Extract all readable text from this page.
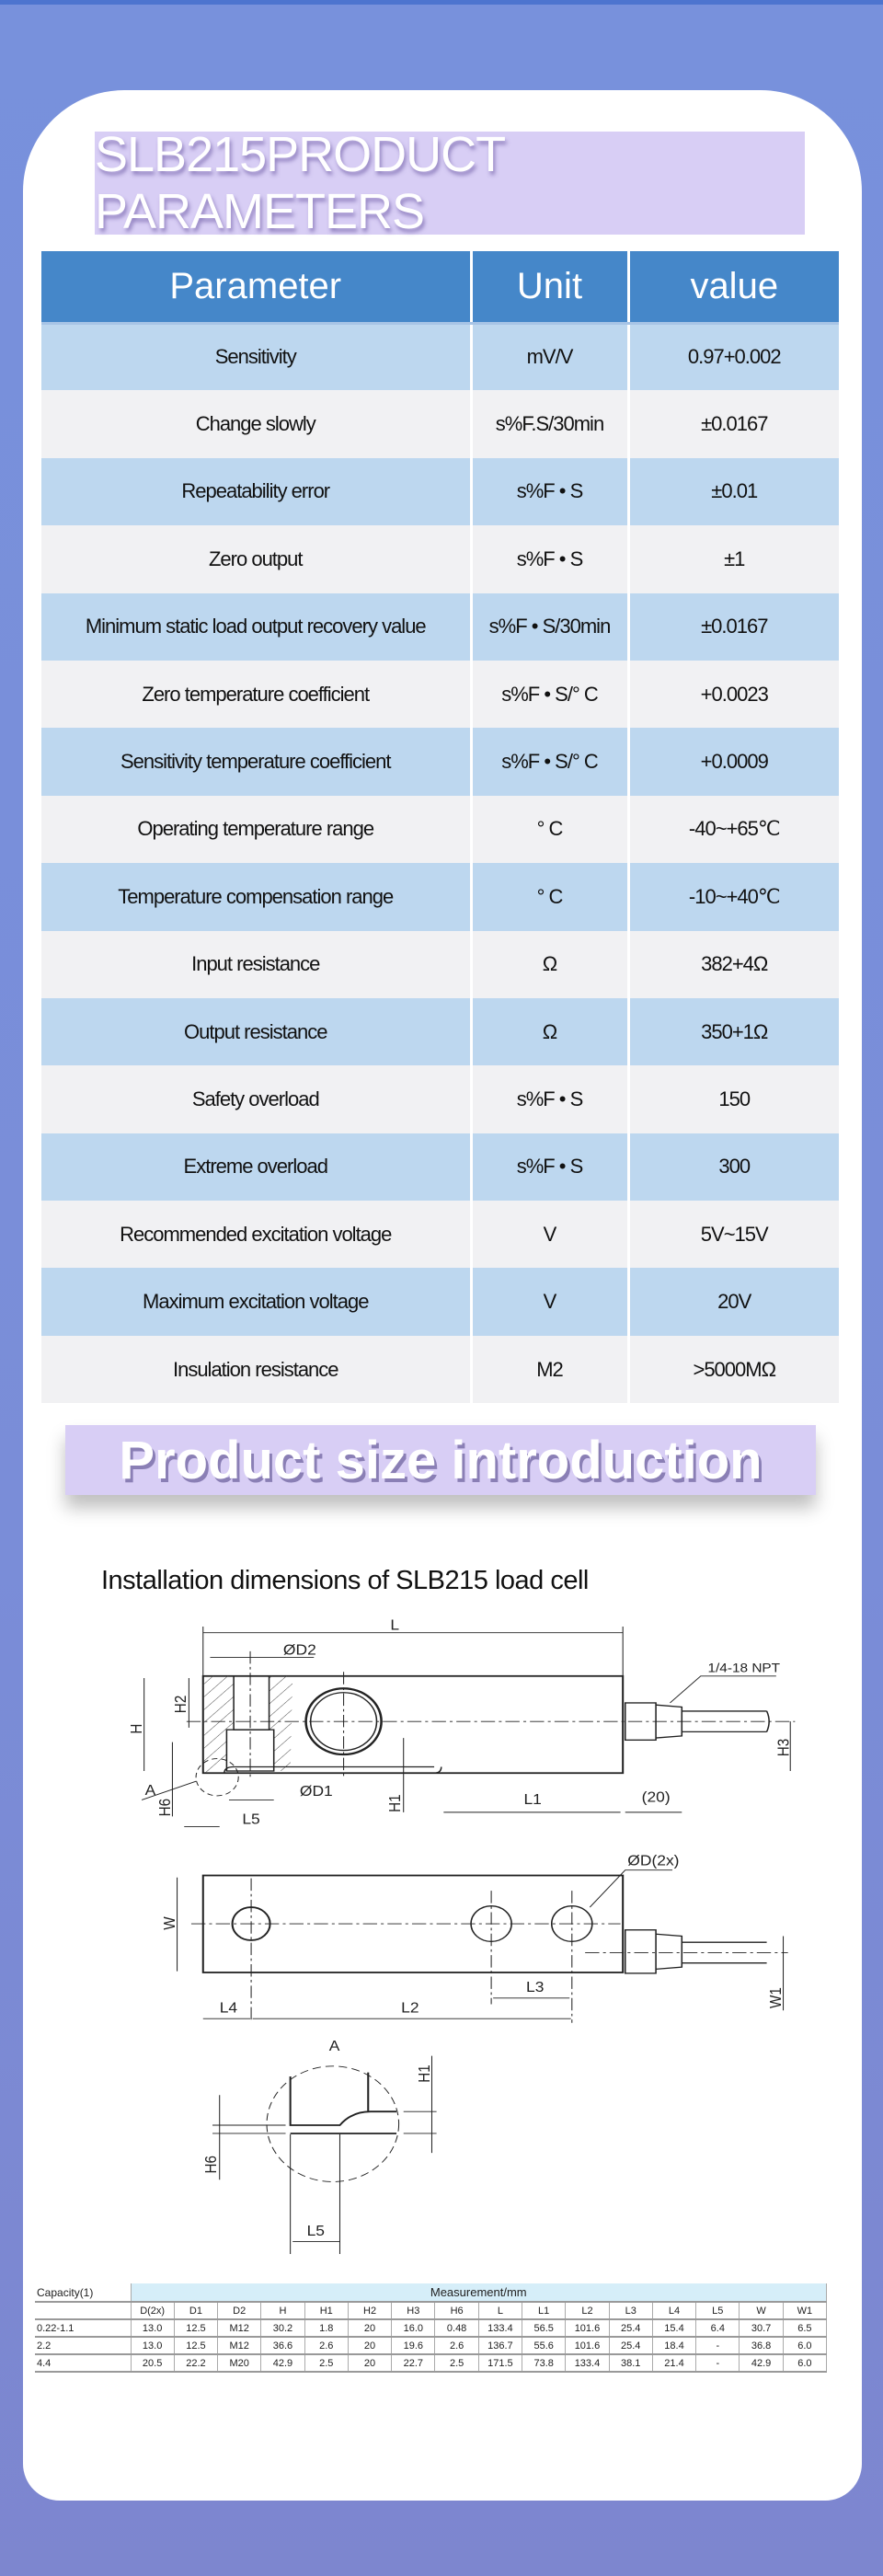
SLB215PRODUCT PARAMETERS
Parameter	Unit	value
Sensitivity	mV/V	0.97+0.002
Change slowly	s%F.S/30min	±0.0167
Repeatability error	s%F • S	±0.01
Zero output	s%F • S	±1
Minimum static load output recovery value	s%F • S/30min	±0.0167
Zero temperature coefficient	s%F • S/° C	+0.0023
Sensitivity temperature coefficient	s%F • S/° C	+0.0009
Operating temperature range	° C	-40~+65℃
Temperature compensation range	° C	-10~+40℃
Input resistance	Ω	382+4Ω
Output resistance	Ω	350+1Ω
Safety overload	s%F • S	150
Extreme overload	s%F • S	300
Recommended excitation voltage	V	5V~15V
Maximum excitation voltage	V	20V
Insulation resistance	M2	>5000MΩ
Product size introduction
Installation dimensions of SLB215 load cell
L
ØD2
1/4-18 NPT
H
H2
H3
A
H6
ØD1
H1	L1	(20)
L5
ØD(2x)
W
W1
L4	L2
L3
A
H1
H6
L5
Capacity(1)	Measurement/mm															
	D(2x)	D1	D2	H	H1	H2	H3	H6	L	L1	L2	L3	L4	L5	W	W1
0.22-1.1	13.0	12.5	M12	30.2	1.8	20	16.0	0.48	133.4	56.5	101.6	25.4	15.4	6.4	30.7	6.5
2.2	13.0	12.5	M12	36.6	2.6	20	19.6	2.6	136.7	55.6	101.6	25.4	18.4	-	36.8	6.0
4.4	20.5	22.2	M20	42.9	2.5	20	22.7	2.5	171.5	73.8	133.4	38.1	21.4	-	42.9	6.0
